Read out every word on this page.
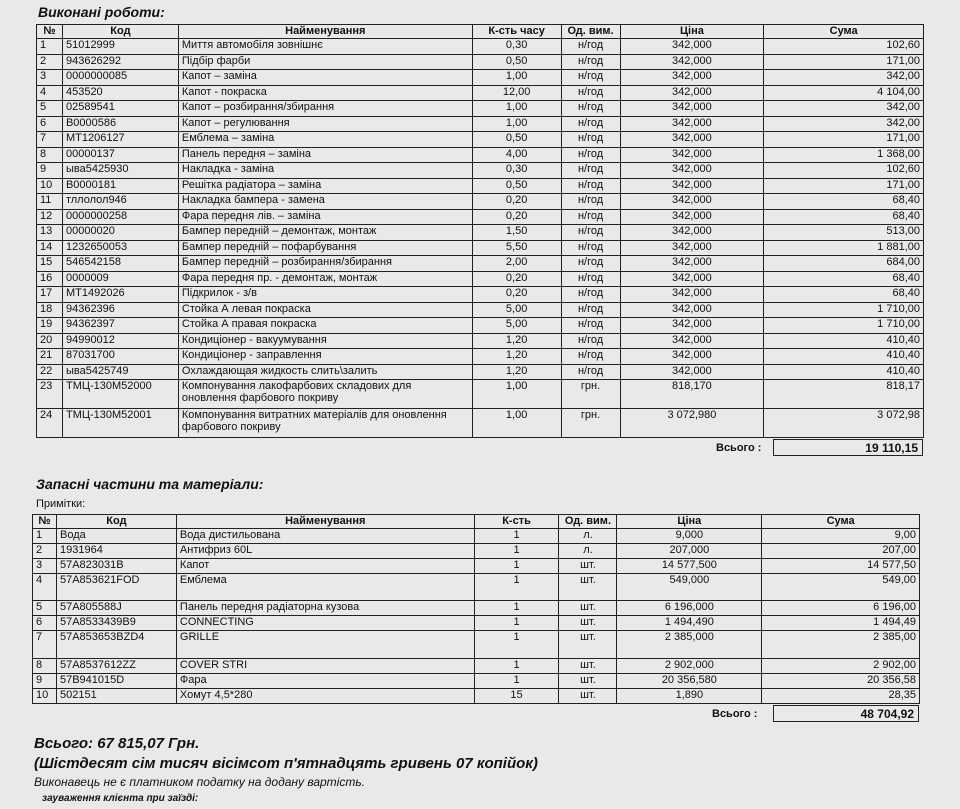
Виконані роботи:
№	Код	Найменування	К-сть часу	Од. вим.	Ціна	Сума
1	51012999	Миття автомобіля зовнішнє	0,30	н/год	342,000	102,60
2	943626292	Підбір фарби	0,50	н/год	342,000	171,00
3	0000000085	Капот – заміна	1,00	н/год	342,000	342,00
4	453520	Капот - покраска	12,00	н/год	342,000	4 104,00
5	02589541	Капот – розбирання/збирання	1,00	н/год	342,000	342,00
6	B0000586	Капот – регулювання	1,00	н/год	342,000	342,00
7	MT1206127	Емблема – заміна	0,50	н/год	342,000	171,00
8	00000137	Панель передня – заміна	4,00	н/год	342,000	1 368,00
9	ыва5425930	Накладка - заміна	0,30	н/год	342,000	102,60
10	B0000181	Решітка радіатора – заміна	0,50	н/год	342,000	171,00
11	тллолол946	Накладка бампера - замена	0,20	н/год	342,000	68,40
12	0000000258	Фара передня лів. – заміна	0,20	н/год	342,000	68,40
13	00000020	Бампер передній – демонтаж, монтаж	1,50	н/год	342,000	513,00
14	1232650053	Бампер передній – пофарбування	5,50	н/год	342,000	1 881,00
15	546542158	Бампер передній – розбирання/збирання	2,00	н/год	342,000	684,00
16	0000009	Фара передня пр. - демонтаж, монтаж	0,20	н/год	342,000	68,40
17	MT1492026	Підкрилок - з/в	0,20	н/год	342,000	68,40
18	94362396	Стойка А левая покраска	5,00	н/год	342,000	1 710,00
19	94362397	Стойка А правая покраска	5,00	н/год	342,000	1 710,00
20	94990012	Кондиціонер - вакуумування	1,20	н/год	342,000	410,40
21	87031700	Кондиціонер - заправлення	1,20	н/год	342,000	410,40
22	ыва5425749	Охлаждающая жидкость слить\залить	1,20	н/год	342,000	410,40
23	ТМЦ-130М52000	Компонування лакофарбових складових для оновлення фарбового покриву	1,00	грн.	818,170	818,17
24	ТМЦ-130М52001	Компонування витратних матеріалів для оновлення фарбового покриву	1,00	грн.	3 072,980	3 072,98
Всього :	19 110,15
Запасні частини та матеріали:
Примітки:
№	Код	Найменування	К-сть	Од. вим.	Ціна	Сума
1	Вода	Вода дистильована	1	л.	9,000	9,00
2	1931964	Антифриз 60L	1	л.	207,000	207,00
3	57A823031B	Капот	1	шт.	14 577,500	14 577,50
4	57A853621FOD	Емблема	1	шт.	549,000	549,00
5	57A805588J	Панель передня радіаторна кузова	1	шт.	6 196,000	6 196,00
6	57A8533439B9	CONNECTING	1	шт.	1 494,490	1 494,49
7	57A853653BZD4	GRILLE	1	шт.	2 385,000	2 385,00
8	57A8537612ZZ	COVER STRI	1	шт.	2 902,000	2 902,00
9	57B941015D	Фара	1	шт.	20 356,580	20 356,58
10	502151	Хомут 4,5*280	15	шт.	1,890	28,35
Всього :	48 704,92
Всього: 67 815,07 Грн.
(Шістдесят сім тисяч вісімсот п'ятнадцять гривень 07 копійок)
Виконавець не є платником податку на додану вартість.
зауваження клієнта при заїзді:
